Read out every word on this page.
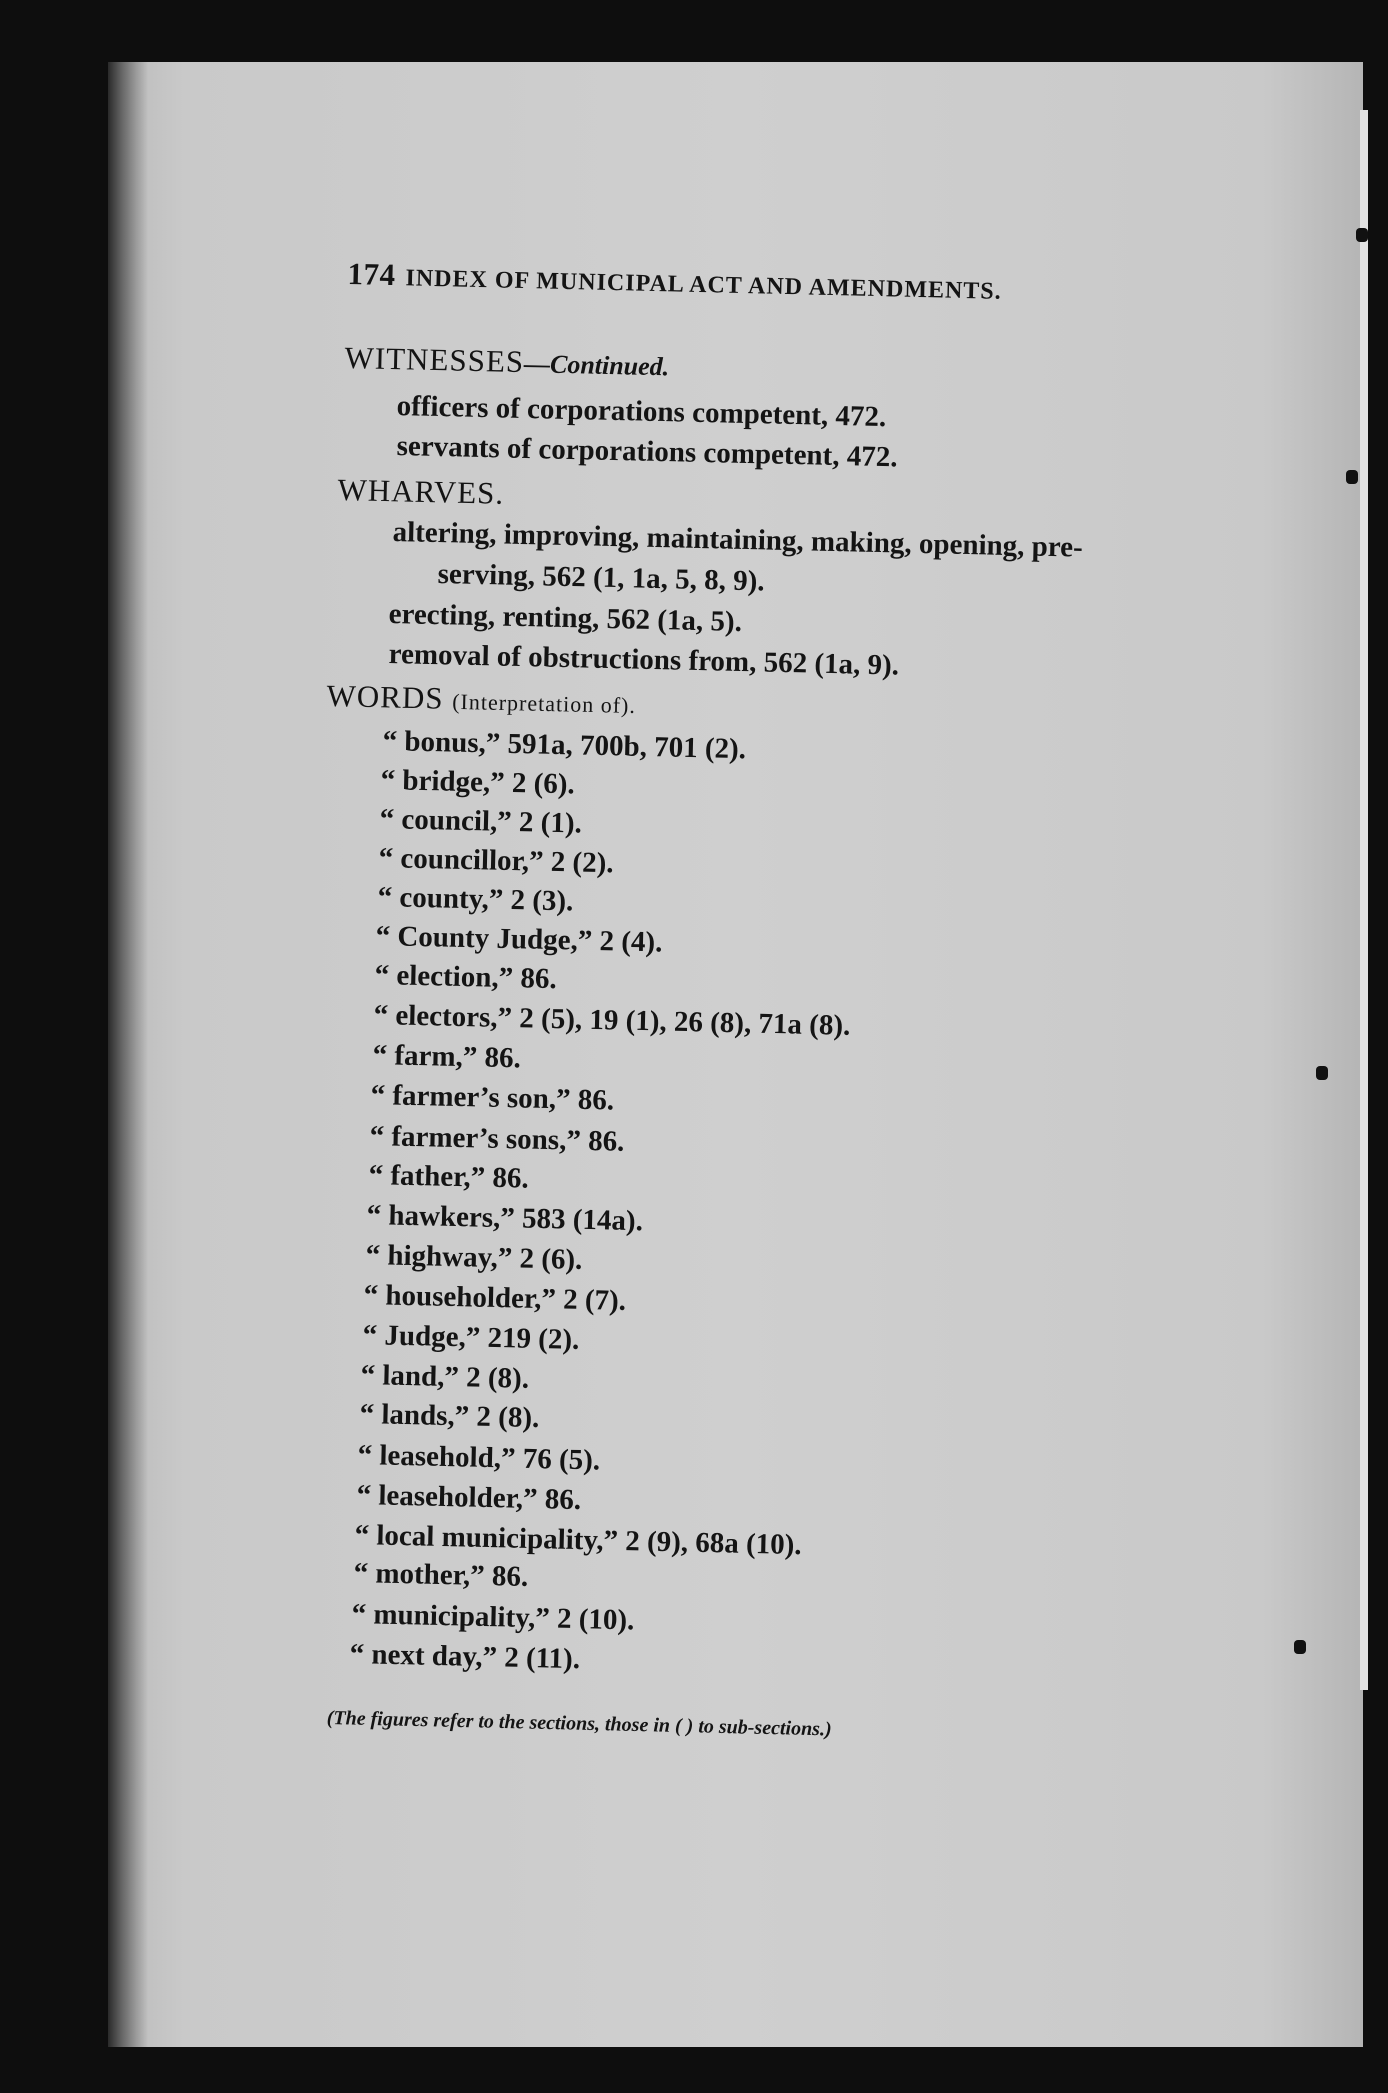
174 INDEX OF MUNICIPAL ACT AND AMENDMENTS.
WITNESSES—Continued.
officers of corporations competent, 472.
servants of corporations competent, 472.
WHARVES.
altering, improving, maintaining, making, opening, pre-
serving, 562 (1, 1a, 5, 8, 9).
erecting, renting, 562 (1a, 5).
removal of obstructions from, 562 (1a, 9).
WORDS (Interpretation of).
“ bonus,” 591a, 700b, 701 (2).
“ bridge,” 2 (6).
“ council,” 2 (1).
“ councillor,” 2 (2).
“ county,” 2 (3).
“ County Judge,” 2 (4).
“ election,” 86.
“ electors,” 2 (5), 19 (1), 26 (8), 71a (8).
“ farm,” 86.
“ farmer’s son,” 86.
“ farmer’s sons,” 86.
“ father,” 86.
“ hawkers,” 583 (14a).
“ highway,” 2 (6).
“ householder,” 2 (7).
“ Judge,” 219 (2).
“ land,” 2 (8).
“ lands,” 2 (8).
“ leasehold,” 76 (5).
“ leaseholder,” 86.
“ local municipality,” 2 (9), 68a (10).
“ mother,” 86.
“ municipality,” 2 (10).
“ next day,” 2 (11).
(The figures refer to the sections, those in ( ) to sub-sections.)
